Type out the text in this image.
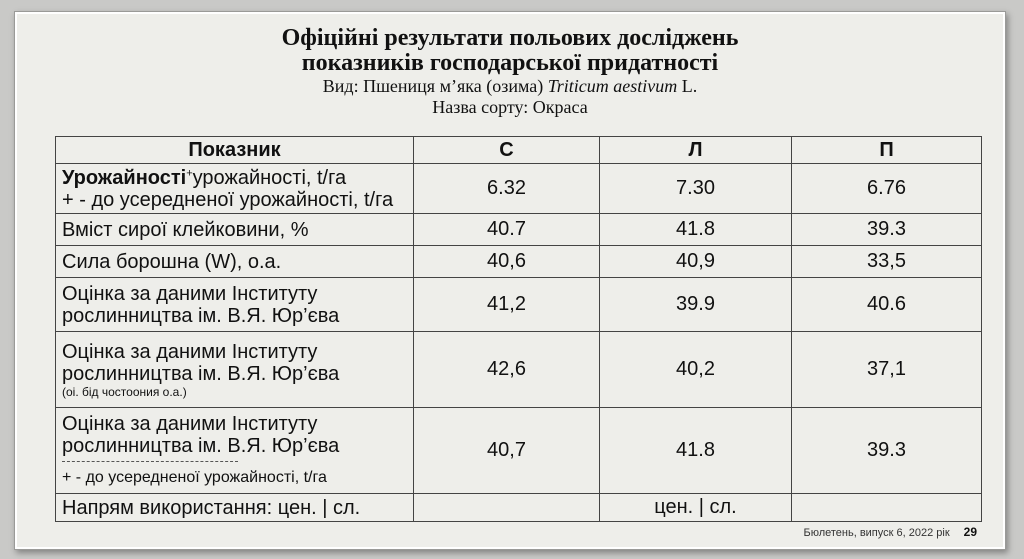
Офіційні результати польових досліджень

показників господарської придатності

Вид: Пшениця м’яка (озима) Triticum aestivum L.

Назва сорту: Окраса

Показник	С	Л	П
Урожайності+урожайності, t/га
+ - до усередненої урожайності, t/га	6.32	7.30	6.76
Вміст сирої клейковини, %	40.7	41.8	39.3
Сила борошна (W), о.а.	40,6	40,9	33,5
Оцінка за даними Інституту
рослинництва ім. В.Я. Юр’єва	41,2	39.9	40.6
Оцінка за даними Інституту
рослинництва ім. В.Я. Юр’єва
(оі. бід чостоония о.а.)	42,6	40,2	37,1
Оцінка за даними Інституту
рослинництва ім. В.Я. Юр’єва
+ - до усередненої урожайності, t/га	40,7	41.8	39.3
Напрям використання: цен. | сл.		цен. | сл.	
Бюлетень, випуск 6, 2022 рік 29
